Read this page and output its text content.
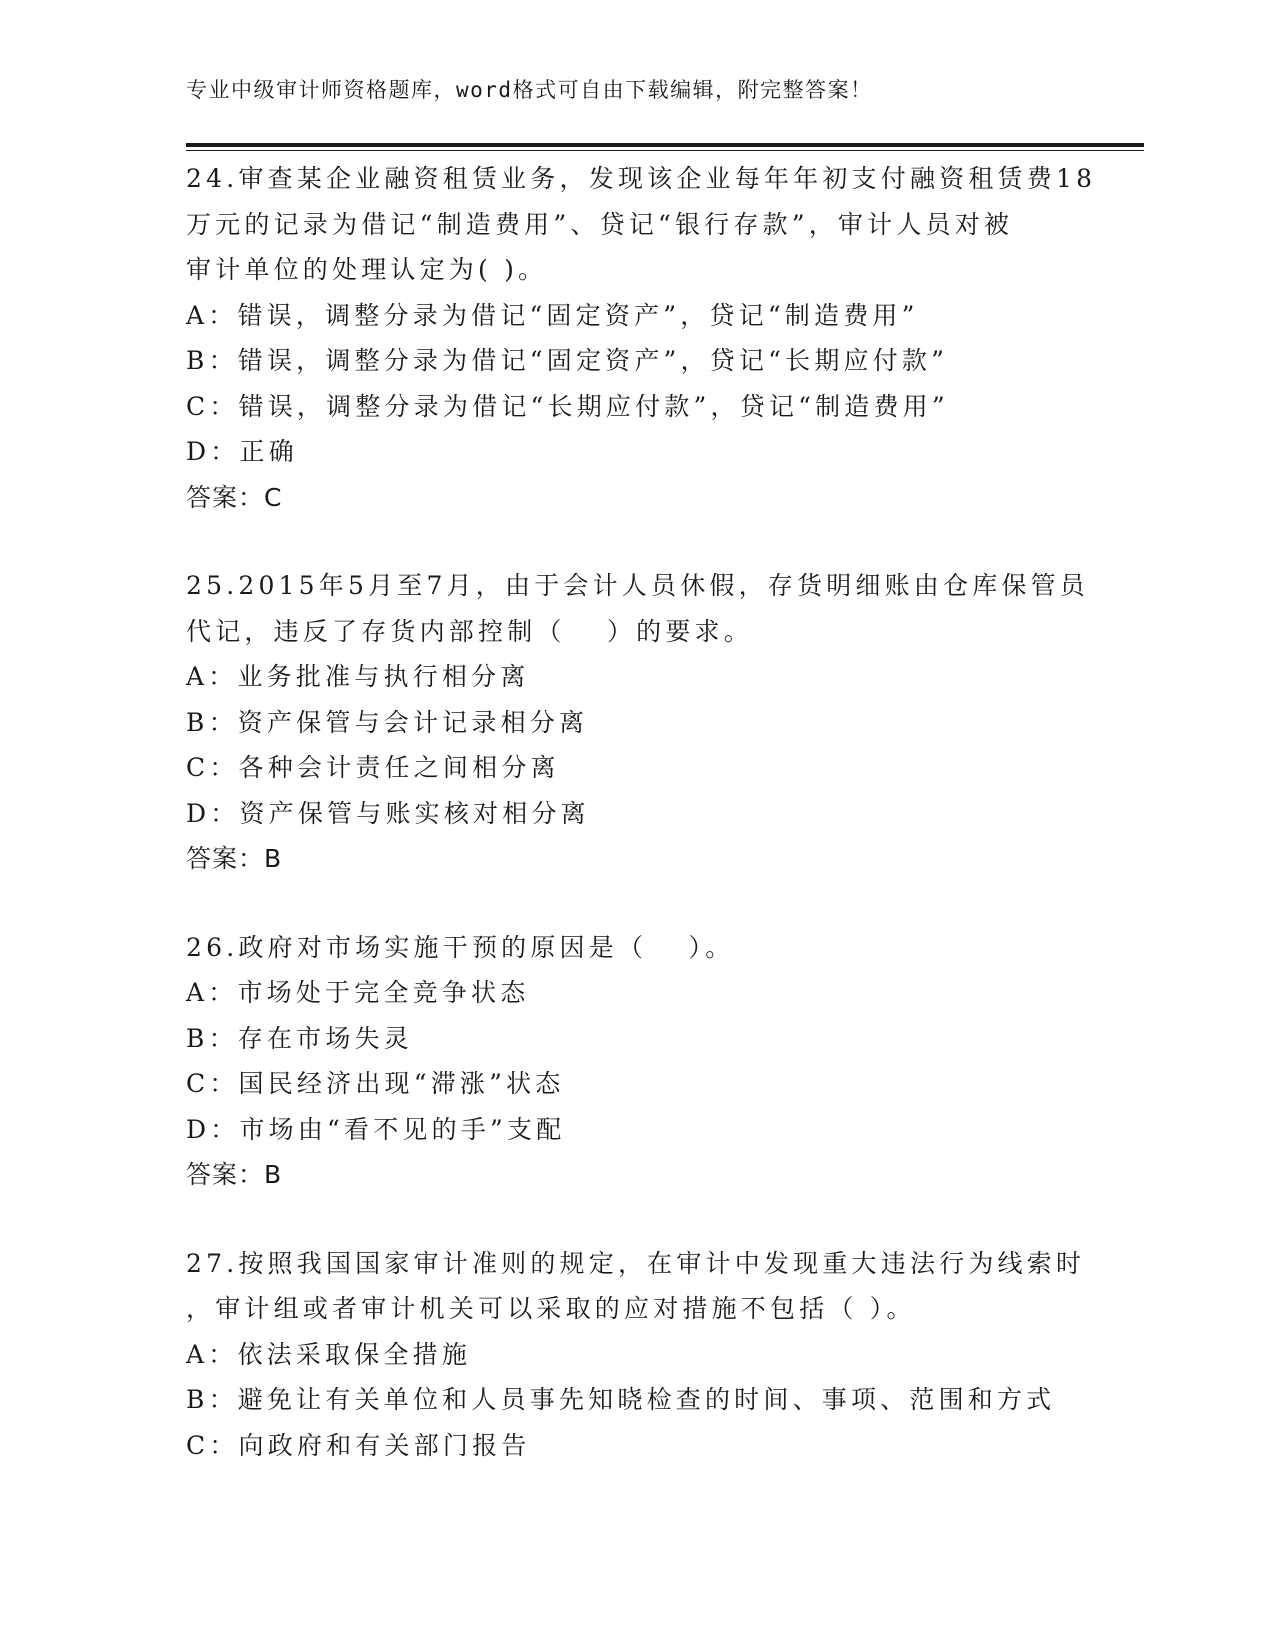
专业中级审计师资格题库，word格式可自由下载编辑，附完整答案！
24.审查某企业融资租赁业务，发现该企业每年年初支付融资租赁费18
万元的记录为借记“制造费用”、贷记“银行存款”，审计人员对被
审计单位的处理认定为( )。
A：错误，调整分录为借记“固定资产”，贷记“制造费用”
B：错误，调整分录为借记“固定资产”，贷记“长期应付款”
C：错误，调整分录为借记“长期应付款”，贷记“制造费用”
D：正确
答案：C
25.2015年5月至7月，由于会计人员休假，存货明细账由仓库保管员
代记，违反了存货内部控制（　 ）的要求。
A：业务批准与执行相分离
B：资产保管与会计记录相分离
C：各种会计责任之间相分离
D：资产保管与账实核对相分离
答案：B
26.政府对市场实施干预的原因是（　 ）。
A：市场处于完全竞争状态
B：存在市场失灵
C：国民经济出现“滞涨”状态
D：市场由“看不见的手”支配
答案：B
27.按照我国国家审计准则的规定，在审计中发现重大违法行为线索时
，审计组或者审计机关可以采取的应对措施不包括（ ）。
A：依法采取保全措施
B：避免让有关单位和人员事先知晓检查的时间、事项、范围和方式
C：向政府和有关部门报告
